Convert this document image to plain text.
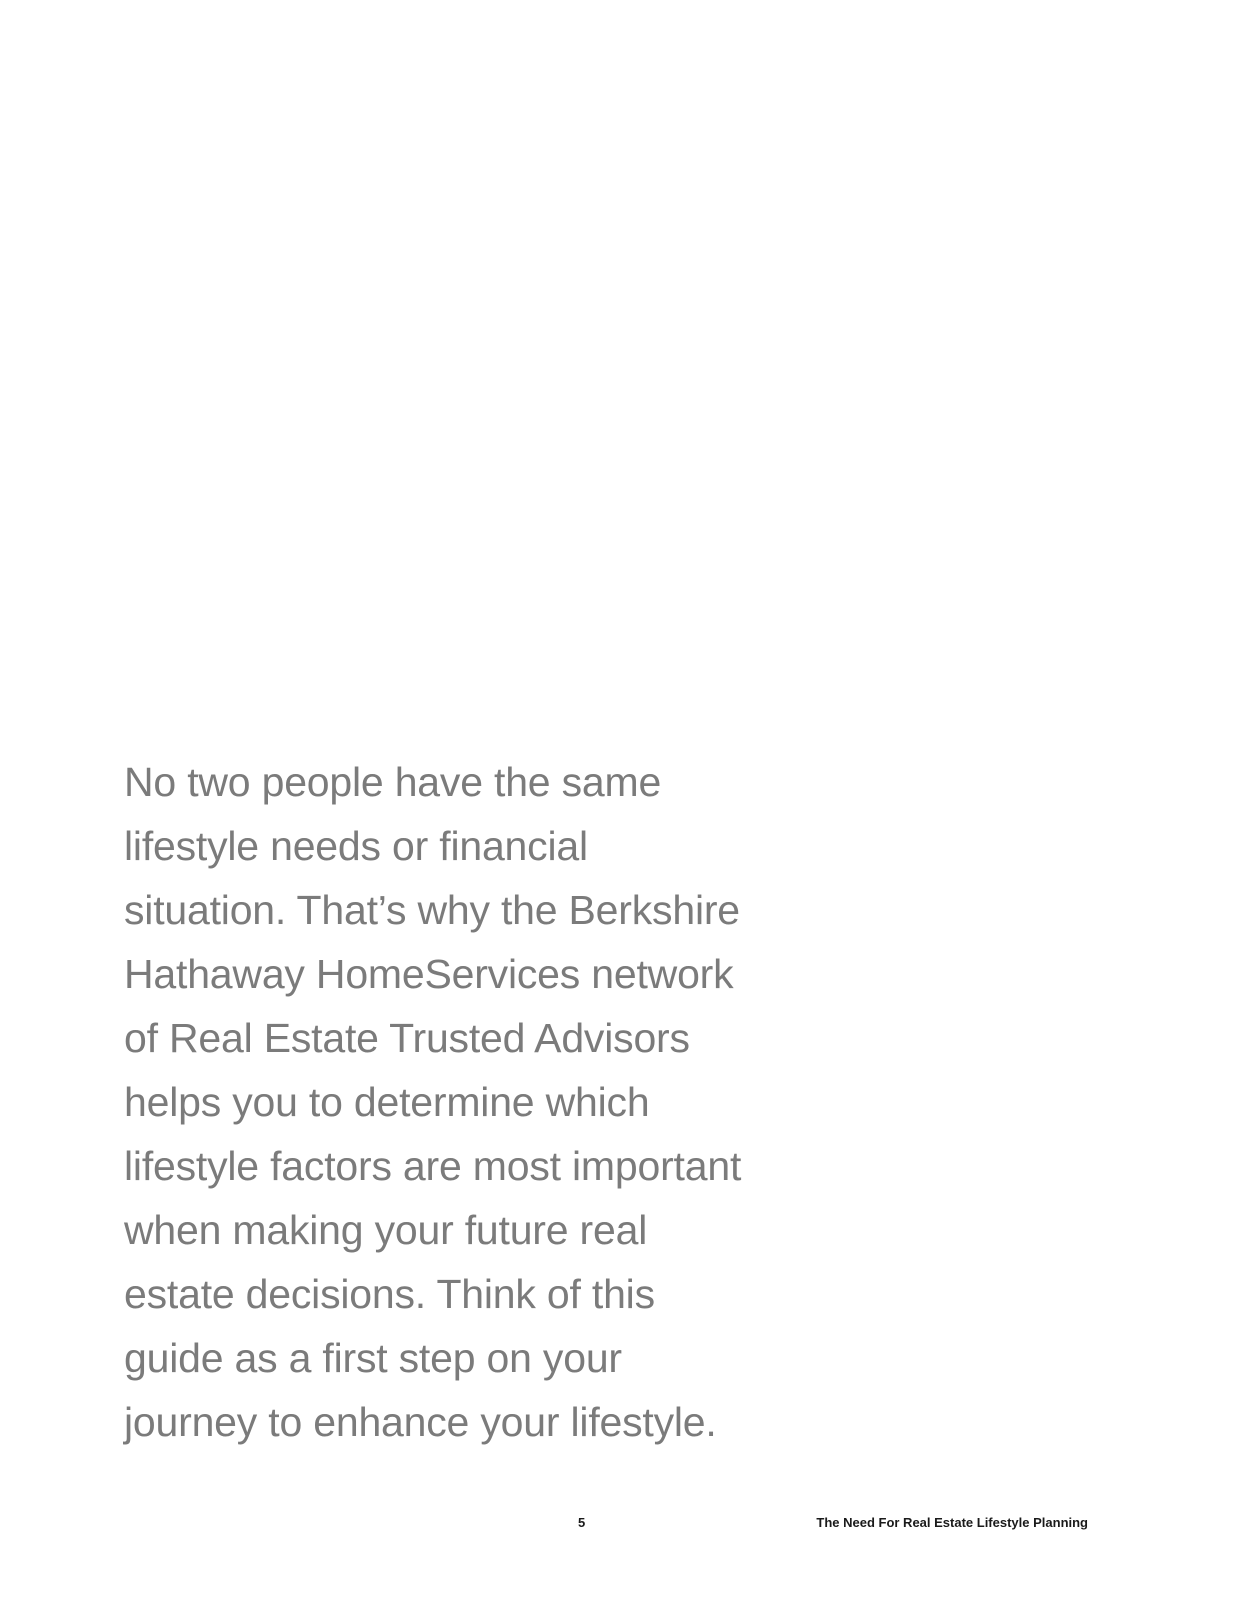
No two people have the same
lifestyle needs or financial
situation. That’s why the Berkshire
Hathaway HomeServices network
of Real Estate Trusted Advisors
helps you to determine which
lifestyle factors are most important
when making your future real
estate decisions. Think of this
guide as a first step on your
journey to enhance your lifestyle.

5	The Need For Real Estate Lifestyle Planning
